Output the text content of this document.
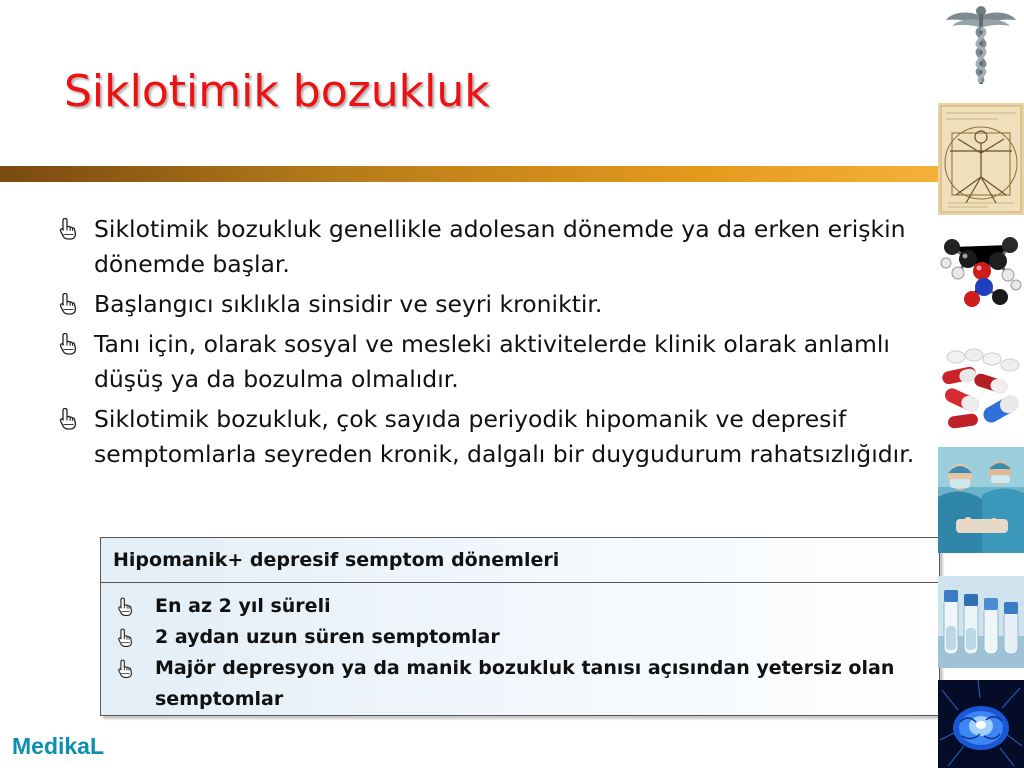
Siklotimik bozukluk
Siklotimik bozukluk genellikle adolesan dönemde ya da erken erişkin dönemde başlar.
Başlangıcı sıklıkla sinsidir ve seyri kroniktir.
Tanı için, olarak sosyal ve mesleki aktivitelerde klinik olarak anlamlı düşüş ya da bozulma olmalıdır.
Siklotimik bozukluk, çok sayıda periyodik hipomanik ve depresif semptomlarla seyreden kronik, dalgalı bir duygudurum rahatsızlığıdır.
Hipomanik+ depresif semptom dönemleri
En az 2 yıl süreli
2 aydan uzun süren semptomlar
Majör depresyon ya da manik bozukluk tanısı açısından yetersiz olan semptomlar
MedikaL
